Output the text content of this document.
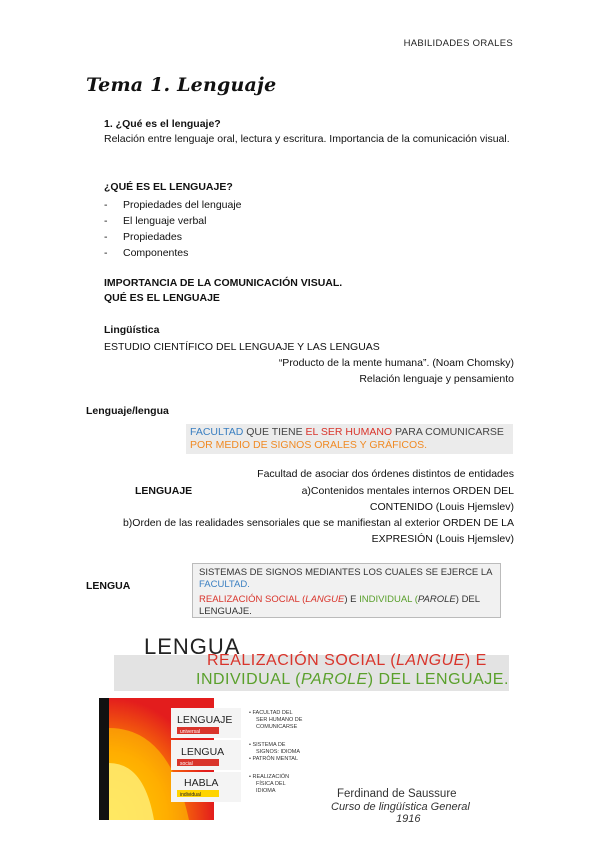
HABILIDADES ORALES
Tema 1. Lenguaje
1. ¿Qué es el lenguaje?
Relación entre lenguaje oral, lectura y escritura. Importancia de la comunicación visual.
¿QUÉ ES EL LENGUAJE?
- Propiedades del lenguaje
- El lenguaje verbal
- Propiedades
- Componentes
IMPORTANCIA DE LA COMUNICACIÓN VISUAL.
QUÉ ES EL LENGUAJE
Lingüística
ESTUDIO CIENTÍFICO DEL LENGUAJE Y LAS LENGUAS
“Producto de la mente humana”. (Noam Chomsky)
Relación lenguaje y pensamiento
Lenguaje/lengua
FACULTAD QUE TIENE EL SER HUMANO PARA COMUNICARSE POR MEDIO DE SIGNOS ORALES Y GRÁFICOS.
Facultad de asociar dos órdenes distintos de entidades
LENGUAJE	a)Contenidos mentales internos ORDEN DEL
CONTENIDO (Louis Hjemslev)
b)Orden de las realidades sensoriales que se manifiestan al exterior ORDEN DE LA
EXPRESIÓN (Louis Hjemslev)
LENGUA
SISTEMAS DE SIGNOS MEDIANTES LOS CUALES SE EJERCE LA FACULTAD.
REALIZACIÓN SOCIAL (LANGUE) E INDIVIDUAL (PAROLE) DEL LENGUAJE.
LENGUA
REALIZACIÓN SOCIAL (LANGUE) E
INDIVIDUAL (PAROLE) DEL LENGUAJE.
LENGUAJE
universal
LENGUA
social
HABLA
individual
• FACULTAD DEL
SER HUMANO DE
COMUNICARSE
• SISTEMA DE
SIGNOS: IDIOMA
• PATRÓN MENTAL
• REALIZACIÓN
FÍSICA DEL
IDIOMA	Ferdinand de Saussure
Curso de lingüística General
1916
